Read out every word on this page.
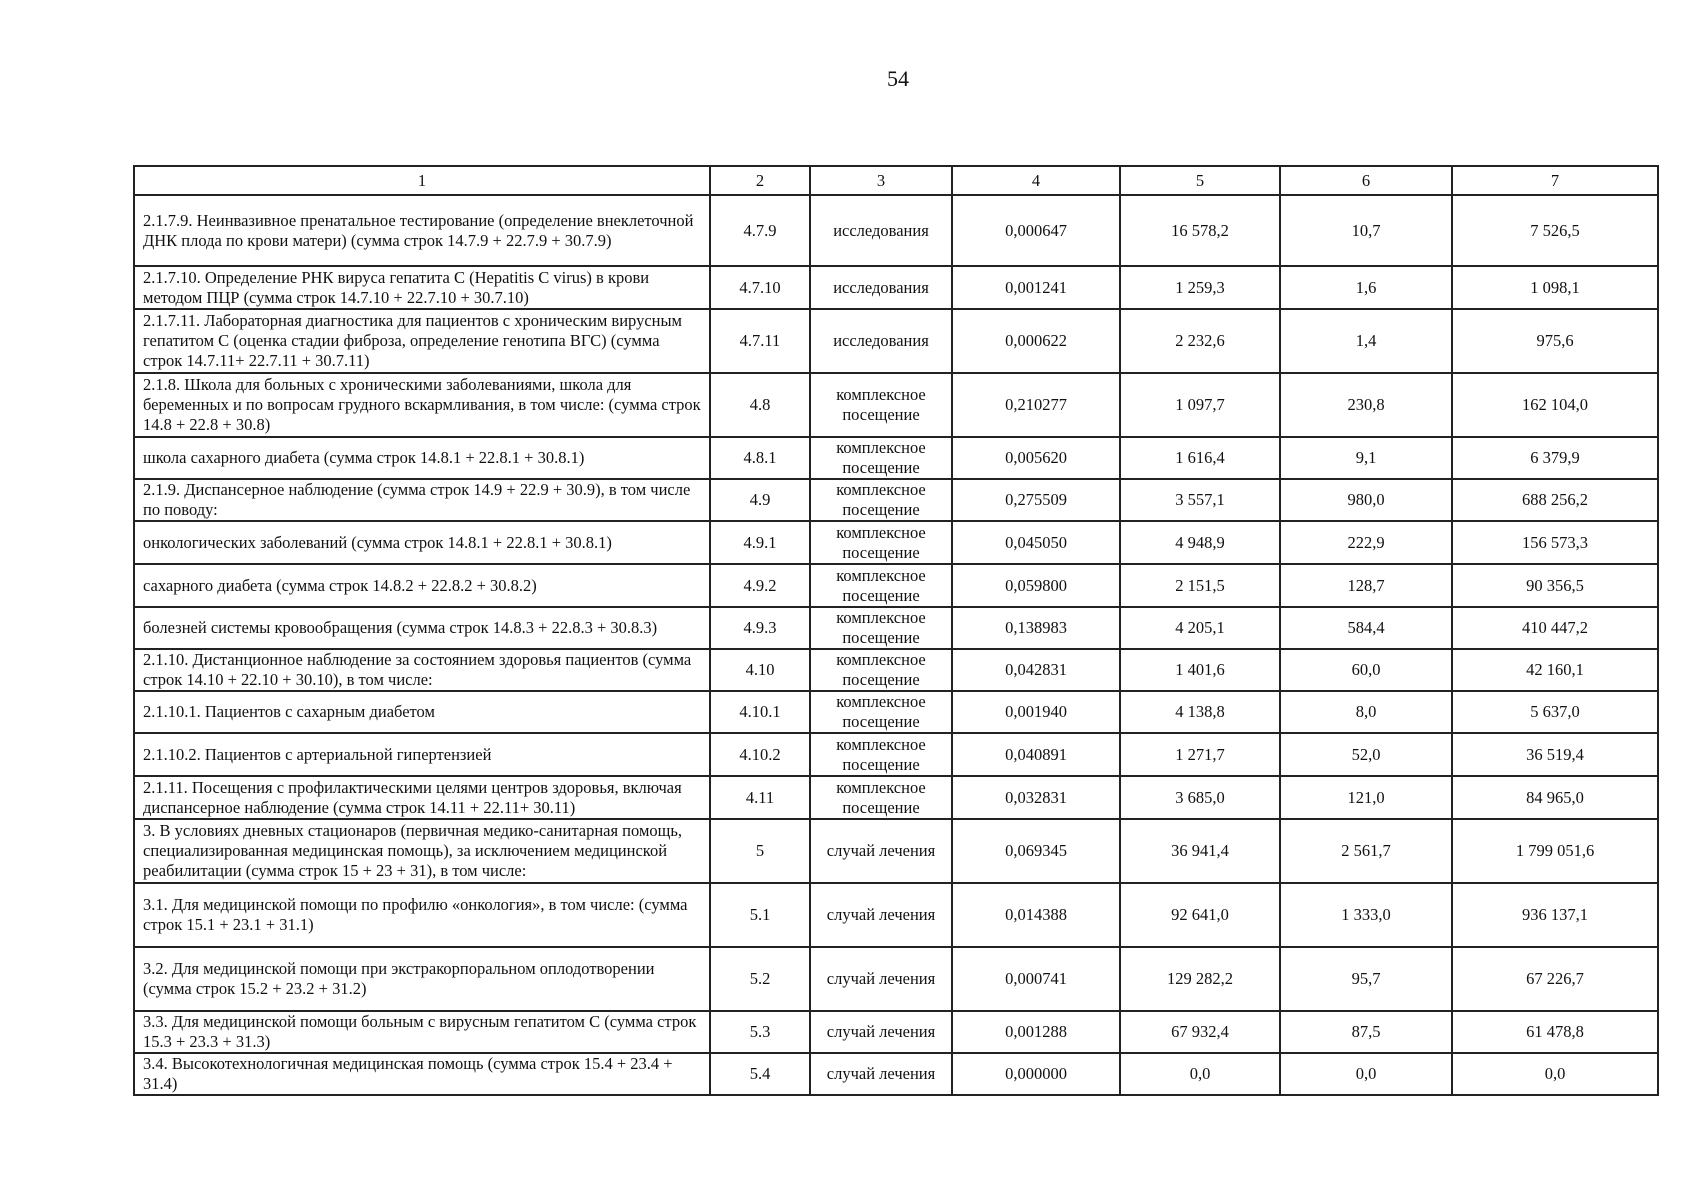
54
1	2	3	4	5	6	7
2.1.7.9. Неинвазивное пренатальное тестирование (определение внеклеточной ДНК плода по крови матери) (сумма строк 14.7.9 + 22.7.9 + 30.7.9)	4.7.9	исследования	0,000647	16 578,2	10,7	7 526,5
2.1.7.10. Определение РНК вируса гепатита С (Hepatitis C virus) в крови методом ПЦР (сумма строк 14.7.10 + 22.7.10 + 30.7.10)	4.7.10	исследования	0,001241	1 259,3	1,6	1 098,1
2.1.7.11. Лабораторная диагностика для пациентов с хроническим вирусным гепатитом С (оценка стадии фиброза, определение генотипа ВГС) (сумма строк 14.7.11+ 22.7.11 + 30.7.11)	4.7.11	исследования	0,000622	2 232,6	1,4	975,6
2.1.8. Школа для больных с хроническими заболеваниями, школа для беременных и по вопросам грудного вскармливания, в том числе: (сумма строк 14.8 + 22.8 + 30.8)	4.8	комплексное посещение	0,210277	1 097,7	230,8	162 104,0
школа сахарного диабета (сумма строк 14.8.1 + 22.8.1 + 30.8.1)	4.8.1	комплексное посещение	0,005620	1 616,4	9,1	6 379,9
2.1.9. Диспансерное наблюдение (сумма строк 14.9 + 22.9 + 30.9), в том числе по поводу:	4.9	комплексное посещение	0,275509	3 557,1	980,0	688 256,2
онкологических заболеваний (сумма строк 14.8.1 + 22.8.1 + 30.8.1)	4.9.1	комплексное посещение	0,045050	4 948,9	222,9	156 573,3
сахарного диабета (сумма строк 14.8.2 + 22.8.2 + 30.8.2)	4.9.2	комплексное посещение	0,059800	2 151,5	128,7	90 356,5
болезней системы кровообращения (сумма строк 14.8.3 + 22.8.3 + 30.8.3)	4.9.3	комплексное посещение	0,138983	4 205,1	584,4	410 447,2
2.1.10. Дистанционное наблюдение за состоянием здоровья пациентов (сумма строк 14.10 + 22.10 + 30.10), в том числе:	4.10	комплексное посещение	0,042831	1 401,6	60,0	42 160,1
2.1.10.1. Пациентов с сахарным диабетом	4.10.1	комплексное посещение	0,001940	4 138,8	8,0	5 637,0
2.1.10.2. Пациентов с артериальной гипертензией	4.10.2	комплексное посещение	0,040891	1 271,7	52,0	36 519,4
2.1.11. Посещения с профилактическими целями центров здоровья, включая диспансерное наблюдение (сумма строк 14.11 + 22.11+ 30.11)	4.11	комплексное посещение	0,032831	3 685,0	121,0	84 965,0
3. В условиях дневных стационаров (первичная медико-санитарная помощь, специализированная медицинская помощь), за исключением медицинской реабилитации (сумма строк 15 + 23 + 31), в том числе:	5	случай лечения	0,069345	36 941,4	2 561,7	1 799 051,6
3.1. Для медицинской помощи по профилю «онкология», в том числе: (сумма строк 15.1 + 23.1 + 31.1)	5.1	случай лечения	0,014388	92 641,0	1 333,0	936 137,1
3.2. Для медицинской помощи при экстракорпоральном оплодотворении (сумма строк 15.2 + 23.2 + 31.2)	5.2	случай лечения	0,000741	129 282,2	95,7	67 226,7
3.3. Для медицинской помощи больным с вирусным гепатитом С (сумма строк 15.3 + 23.3 + 31.3)	5.3	случай лечения	0,001288	67 932,4	87,5	61 478,8
3.4. Высокотехнологичная медицинская помощь (сумма строк 15.4 + 23.4 + 31.4)	5.4	случай лечения	0,000000	0,0	0,0	0,0
